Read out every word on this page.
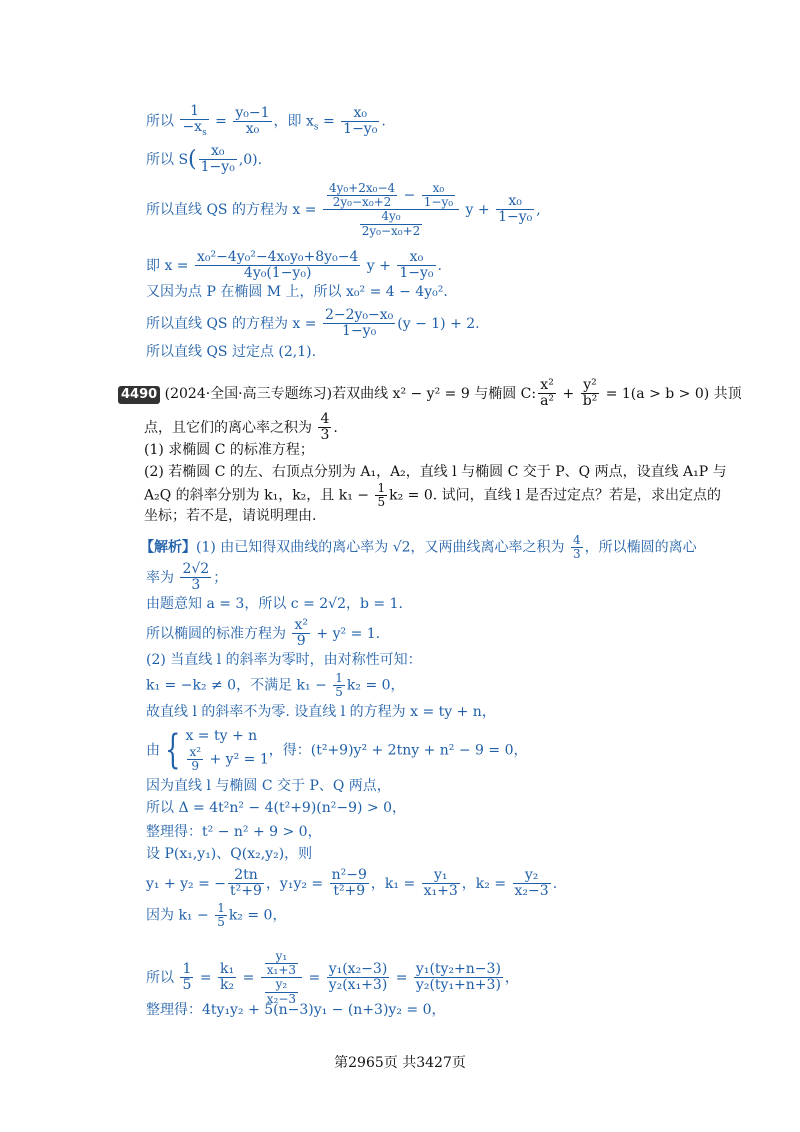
所以 $\frac{1}{-x_s} = \frac{\text{y₀−1}}{\text{x₀}}$ ，即 $x_s = \frac{\text{x₀}}{\text{1−y₀}}$ .
所以 $S( \frac{\text{x₀}}{\text{1−y₀}} ,0)$.
所以直线 QS 的方程为 $x = \frac{\frac{\text{4y₀+2x₀−4}}{\text{2y₀−x₀+2}} - \frac{\text{x₀}}{\text{1−y₀}}}{\frac{\text{4y₀}}{\text{2y₀−x₀+2}}}$ $y + \frac{\text{x₀}}{\text{1−y₀}}$ ,
即 $x = \frac{\text{x₀²−4y₀²−4x₀y₀+8y₀−4}}{\text{4y₀(1−y₀)}}$ $y + \frac{\text{x₀}}{\text{1−y₀}}$ .
又因为点 P 在椭圆 M 上，所以 x₀² = 4 − 4y₀².
所以直线 QS 的方程为 $x = \frac{\text{2−2y₀−x₀}}{\text{1−y₀}} (y - 1) + 2$.
所以直线 QS 过定点 (2,1).
4490 (2024·全国·高三专题练习)若双曲线 x² − y² = 9 与椭圆 C: $\frac{\text{x²}}{\text{a²}} + \frac{\text{y²}}{\text{b²}} = 1(a > b > 0)$ 共顶
点，且它们的离心率之积为 $\frac{4}{3}$ .
(1) 求椭圆 C 的标准方程；
(2) 若椭圆 C 的左、右顶点分别为 A₁，A₂，直线 l 与椭圆 C 交于 P、Q 两点，设直线 A₁P 与
A₂Q 的斜率分别为 k₁，k₂，且 $k_1 - \frac{1}{5} k_2 = 0$. 试问，直线 l 是否过定点？若是，求出定点的
坐标；若不是，请说明理由.
【解析】(1) 由已知得双曲线的离心率为 √2，又两曲线离心率之积为 $\frac{4}{3}$ ，所以椭圆的离心
率为 $\frac{2√2}{3}$ ；
由题意知 a = 3，所以 c = 2√2，b = 1.
所以椭圆的标准方程为 $\frac{\text{x²}}{9} + y^2 = 1$.
(2) 当直线 l 的斜率为零时，由对称性可知：
k₁ = −k₂ ≠ 0，不满足 $k_1 - \frac{1}{5} k_2 = 0$，
故直线 l 的斜率不为零. 设直线 l 的方程为 x = ty + n，
由 { x = ty + n
$\frac{\text{x²}}{9} + y^2 = 1$
，得：(t²+9)y² + 2tny + n² − 9 = 0，
因为直线 l 与椭圆 C 交于 P、Q 两点，
所以 Δ = 4t²n² − 4(t²+9)(n²−9) > 0，
整理得：t² − n² + 9 > 0，
设 P(x₁,y₁)、Q(x₂,y₂)，则
y₁ + y₂ = − $\frac{2tn}{\text{t²+9}}$ ，$y_1y_2 = \frac{\text{n²−9}}{\text{t²+9}}$ ，$k_1 = \frac{\text{y₁}}{\text{x₁+3}}$ ，$k_2 = \frac{\text{y₂}}{\text{x₂−3}}$ .
因为 $k_1 - \frac{1}{5} k_2 = 0$，
所以 $\frac{1}{5} = \frac{\text{k₁}}{\text{k₂}} = \frac{\frac{\text{y₁}}{\text{x₁+3}}}{\frac{\text{y₂}}{\text{x₂−3}}} = \frac{\text{y₁(x₂−3)}}{\text{y₂(x₁+3)}} = \frac{\text{y₁(ty₂+n−3)}}{\text{y₂(ty₁+n+3)}}$ ，
整理得：4ty₁y₂ + 5(n−3)y₁ − (n+3)y₂ = 0，
第2965页 共3427页
